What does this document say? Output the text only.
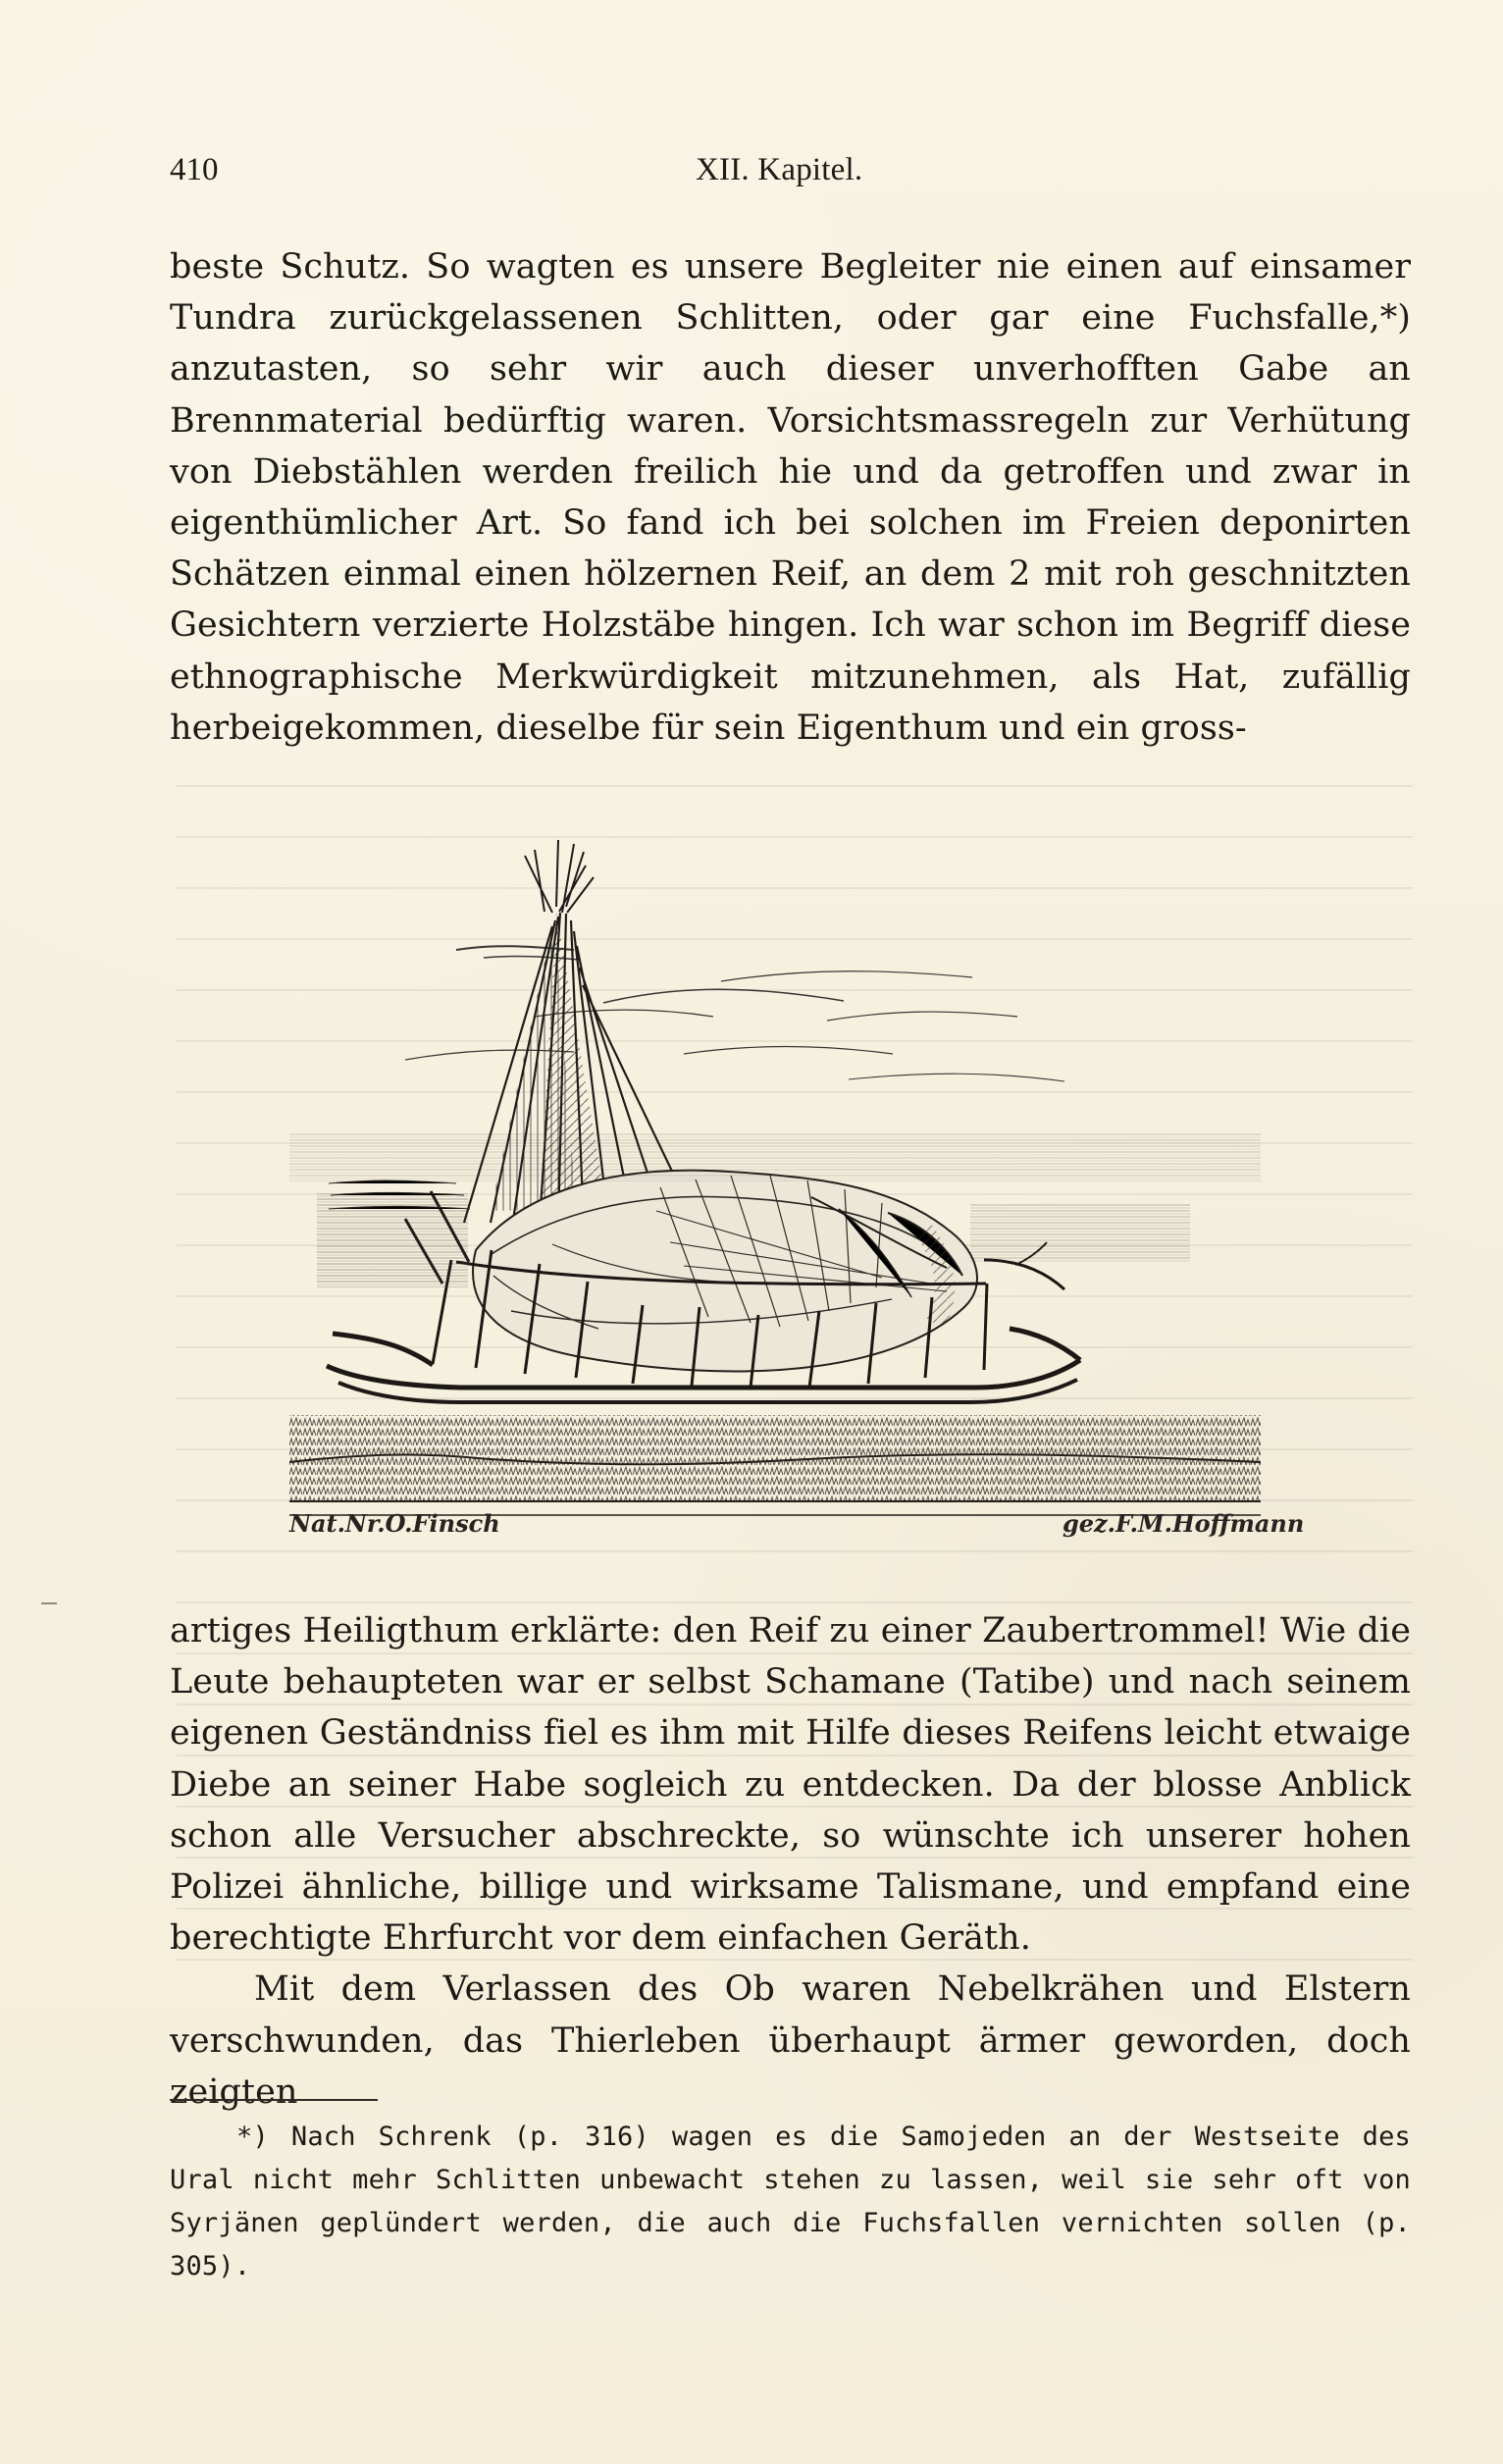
410	XII. Kapitel.
beste Schutz. So wagten es unsere Begleiter nie einen auf einsamer Tundra zurückgelassenen Schlitten, oder gar eine Fuchsfalle,*) anzutasten, so sehr wir auch dieser unverhofften Gabe an Brennmaterial bedürftig waren. Vorsichtsmassregeln zur Verhütung von Diebstählen werden freilich hie und da getroffen und zwar in eigenthümlicher Art. So fand ich bei solchen im Freien deponirten Schätzen einmal einen hölzernen Reif, an dem 2 mit roh geschnitzten Gesichtern verzierte Holzstäbe hingen. Ich war schon im Begriff diese ethnographische Merkwürdigkeit mitzunehmen, als Hat, zufällig herbeigekommen, dieselbe für sein Eigenthum und ein gross-
Nat.Nr.O.Finsch	gez.F.M.Hoffmann
artiges Heiligthum erklärte: den Reif zu einer Zaubertrommel! Wie die Leute behaupteten war er selbst Schamane (Tatibe) und nach seinem eigenen Geständniss fiel es ihm mit Hilfe dieses Reifens leicht etwaige Diebe an seiner Habe sogleich zu entdecken. Da der blosse Anblick schon alle Versucher abschreckte, so wünschte ich unserer hohen Polizei ähnliche, billige und wirksame Talismane, und empfand eine berechtigte Ehrfurcht vor dem einfachen Geräth.
Mit dem Verlassen des Ob waren Nebelkrähen und Elstern verschwunden, das Thierleben überhaupt ärmer geworden, doch zeigten
*) Nach Schrenk (p. 316) wagen es die Samojeden an der Westseite des Ural nicht mehr Schlitten unbewacht stehen zu lassen, weil sie sehr oft von Syrjänen geplündert werden, die auch die Fuchsfallen vernichten sollen (p. 305).
